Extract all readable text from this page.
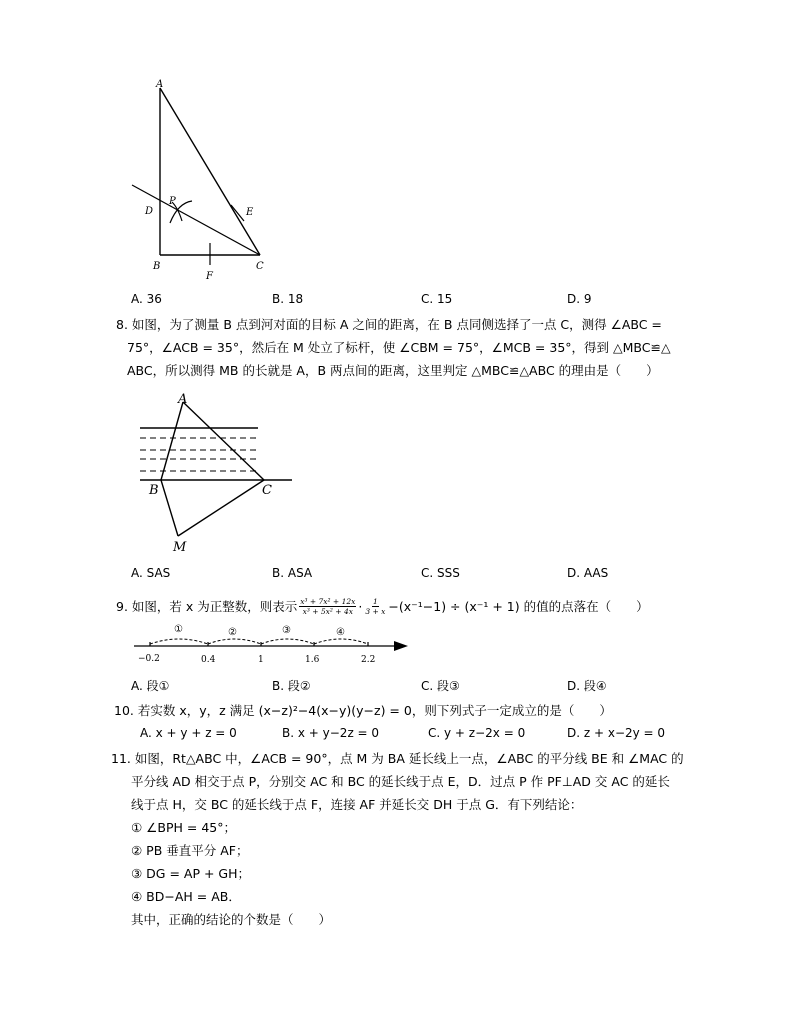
A
B	C
D
P
E
F
A. 36	B. 18	C. 15	D. 9
8. 如图，为了测量 B 点到河对面的目标 A 之间的距离，在 B 点同侧选择了一点 C，测得 ∠ABC =
75°，∠ACB = 35°，然后在 M 处立了标杆，使 ∠CBM = 75°，∠MCB = 35°，得到 △MBC≌△
ABC，所以测得 MB 的长就是 A，B 两点间的距离，这里判定 △MBC≌△ABC 的理由是（　　）
A
B	C
M
A. SAS	B. ASA	C. SSS	D. AAS
9. 如图，若 x 为正整数，则表示 $\frac{\text{x³ + 7x² + 12x}}{\text{x³ + 5x² + 4x}} \cdot \frac{1}{3 + x} -(x^{-1}-1) \div (x^{-1} + 1)$ 的值的点落在（　　）
①	②	③	④
−0.2	0.4	1	1.6	2.2
A. 段①	B. 段②	C. 段③	D. 段④
10. 若实数 x，y，z 满足 (x−z)²−4(x−y)(y−z) = 0，则下列式子一定成立的是（　　）
A. x + y + z = 0	B. x + y−2z = 0	C. y + z−2x = 0	D. z + x−2y = 0
11. 如图，Rt△ABC 中，∠ACB = 90°，点 M 为 BA 延长线上一点，∠ABC 的平分线 BE 和 ∠MAC 的
平分线 AD 相交于点 P，分别交 AC 和 BC 的延长线于点 E，D．过点 P 作 PF⊥AD 交 AC 的延长
线于点 H，交 BC 的延长线于点 F，连接 AF 并延长交 DH 于点 G．有下列结论：
① ∠BPH = 45°；
② PB 垂直平分 AF；
③ DG = AP + GH；
④ BD−AH = AB．
其中，正确的结论的个数是（　　）
